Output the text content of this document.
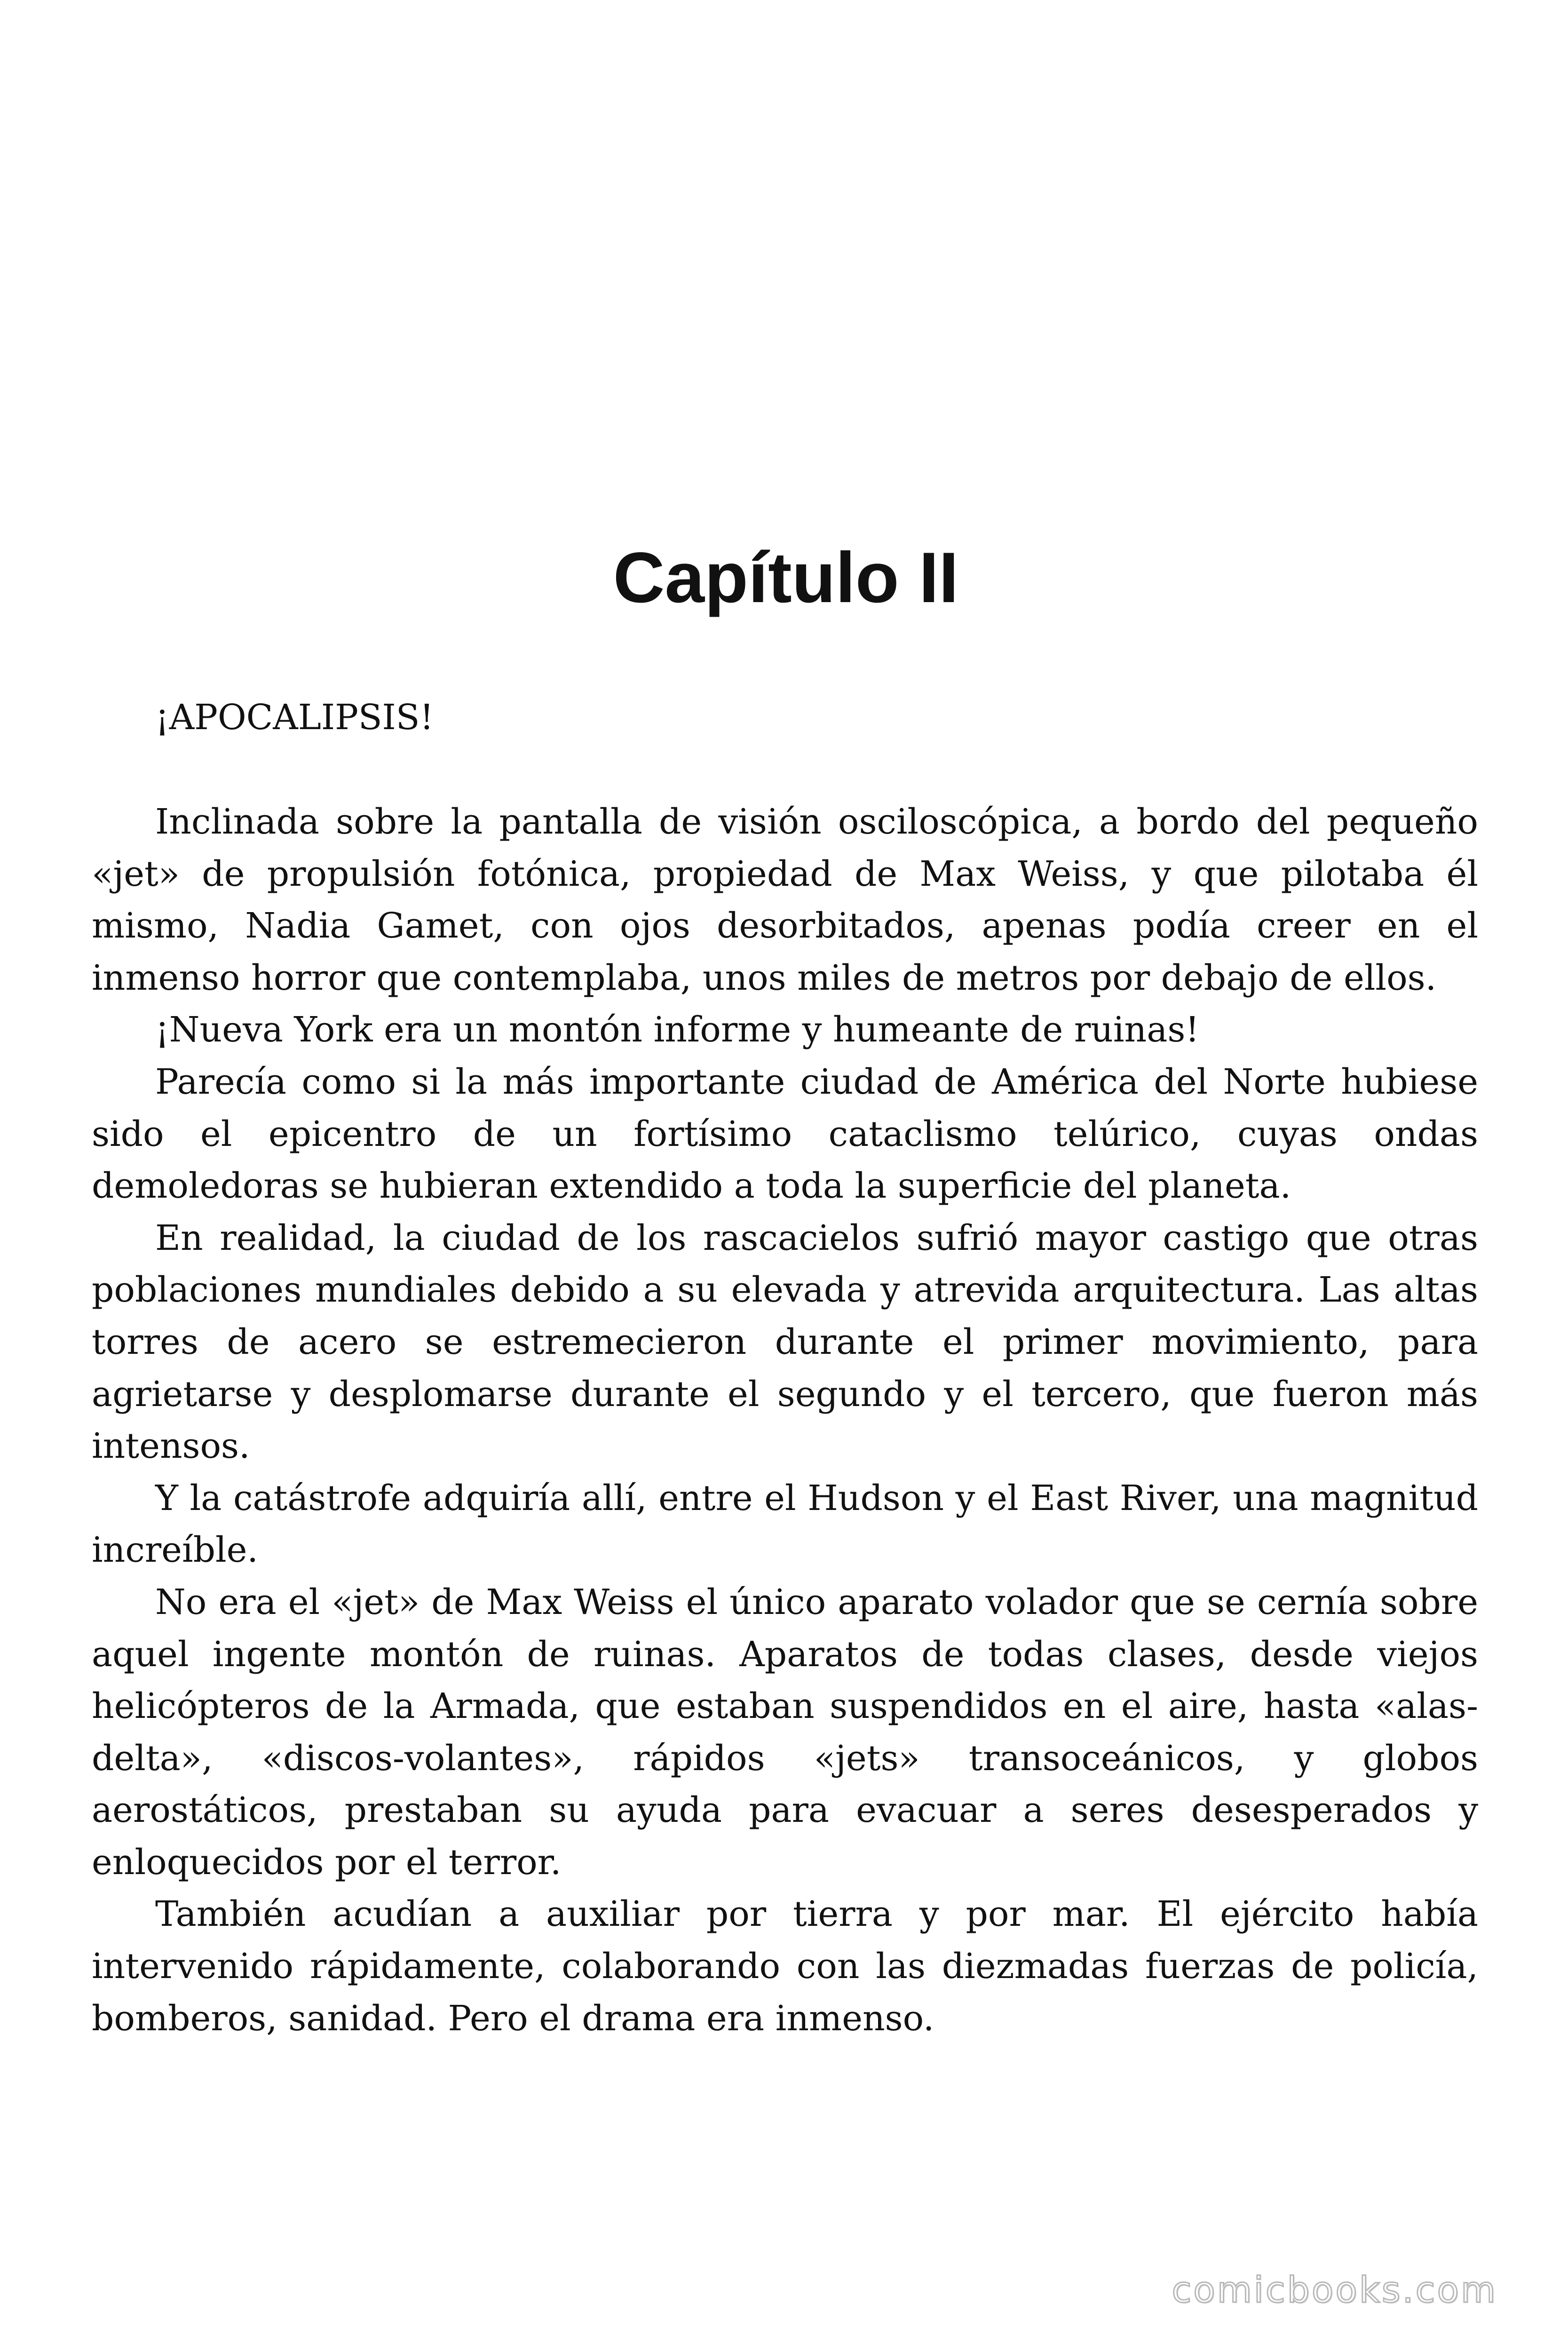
Capítulo II

¡APOCALIPSIS!

Inclinada sobre la pantalla de visión osciloscópica, a bordo del pequeño «jet» de propulsión fotónica, propiedad de Max Weiss, y que pilotaba él mismo, Nadia Gamet, con ojos desorbitados, apenas podía creer en el inmenso horror que contemplaba, unos miles de metros por debajo de ellos.

¡Nueva York era un montón informe y humeante de ruinas!

Parecía como si la más importante ciudad de América del Norte hubiese sido el epicentro de un fortísimo cataclismo telúrico, cuyas ondas demoledoras se hubieran extendido a toda la superficie del planeta.

En realidad, la ciudad de los rascacielos sufrió mayor castigo que otras poblaciones mundiales debido a su elevada y atrevida arquitectura. Las altas torres de acero se estremecieron durante el primer movimiento, para agrietarse y desplomarse durante el segundo y el tercero, que fueron más intensos.

Y la catástrofe adquiría allí, entre el Hudson y el East River, una magnitud increíble.

No era el «jet» de Max Weiss el único aparato volador que se cernía sobre aquel ingente montón de ruinas. Aparatos de todas clases, desde viejos helicópteros de la Armada, que estaban suspendidos en el aire, hasta «alas-delta», «discos-volantes», rápidos «jets» transoceánicos, y globos aerostáticos, prestaban su ayuda para evacuar a seres desesperados y enloquecidos por el terror.

También acudían a auxiliar por tierra y por mar. El ejército había intervenido rápidamente, colaborando con las diezmadas fuerzas de policía, bomberos, sanidad. Pero el drama era inmenso.

comicbooks.com
